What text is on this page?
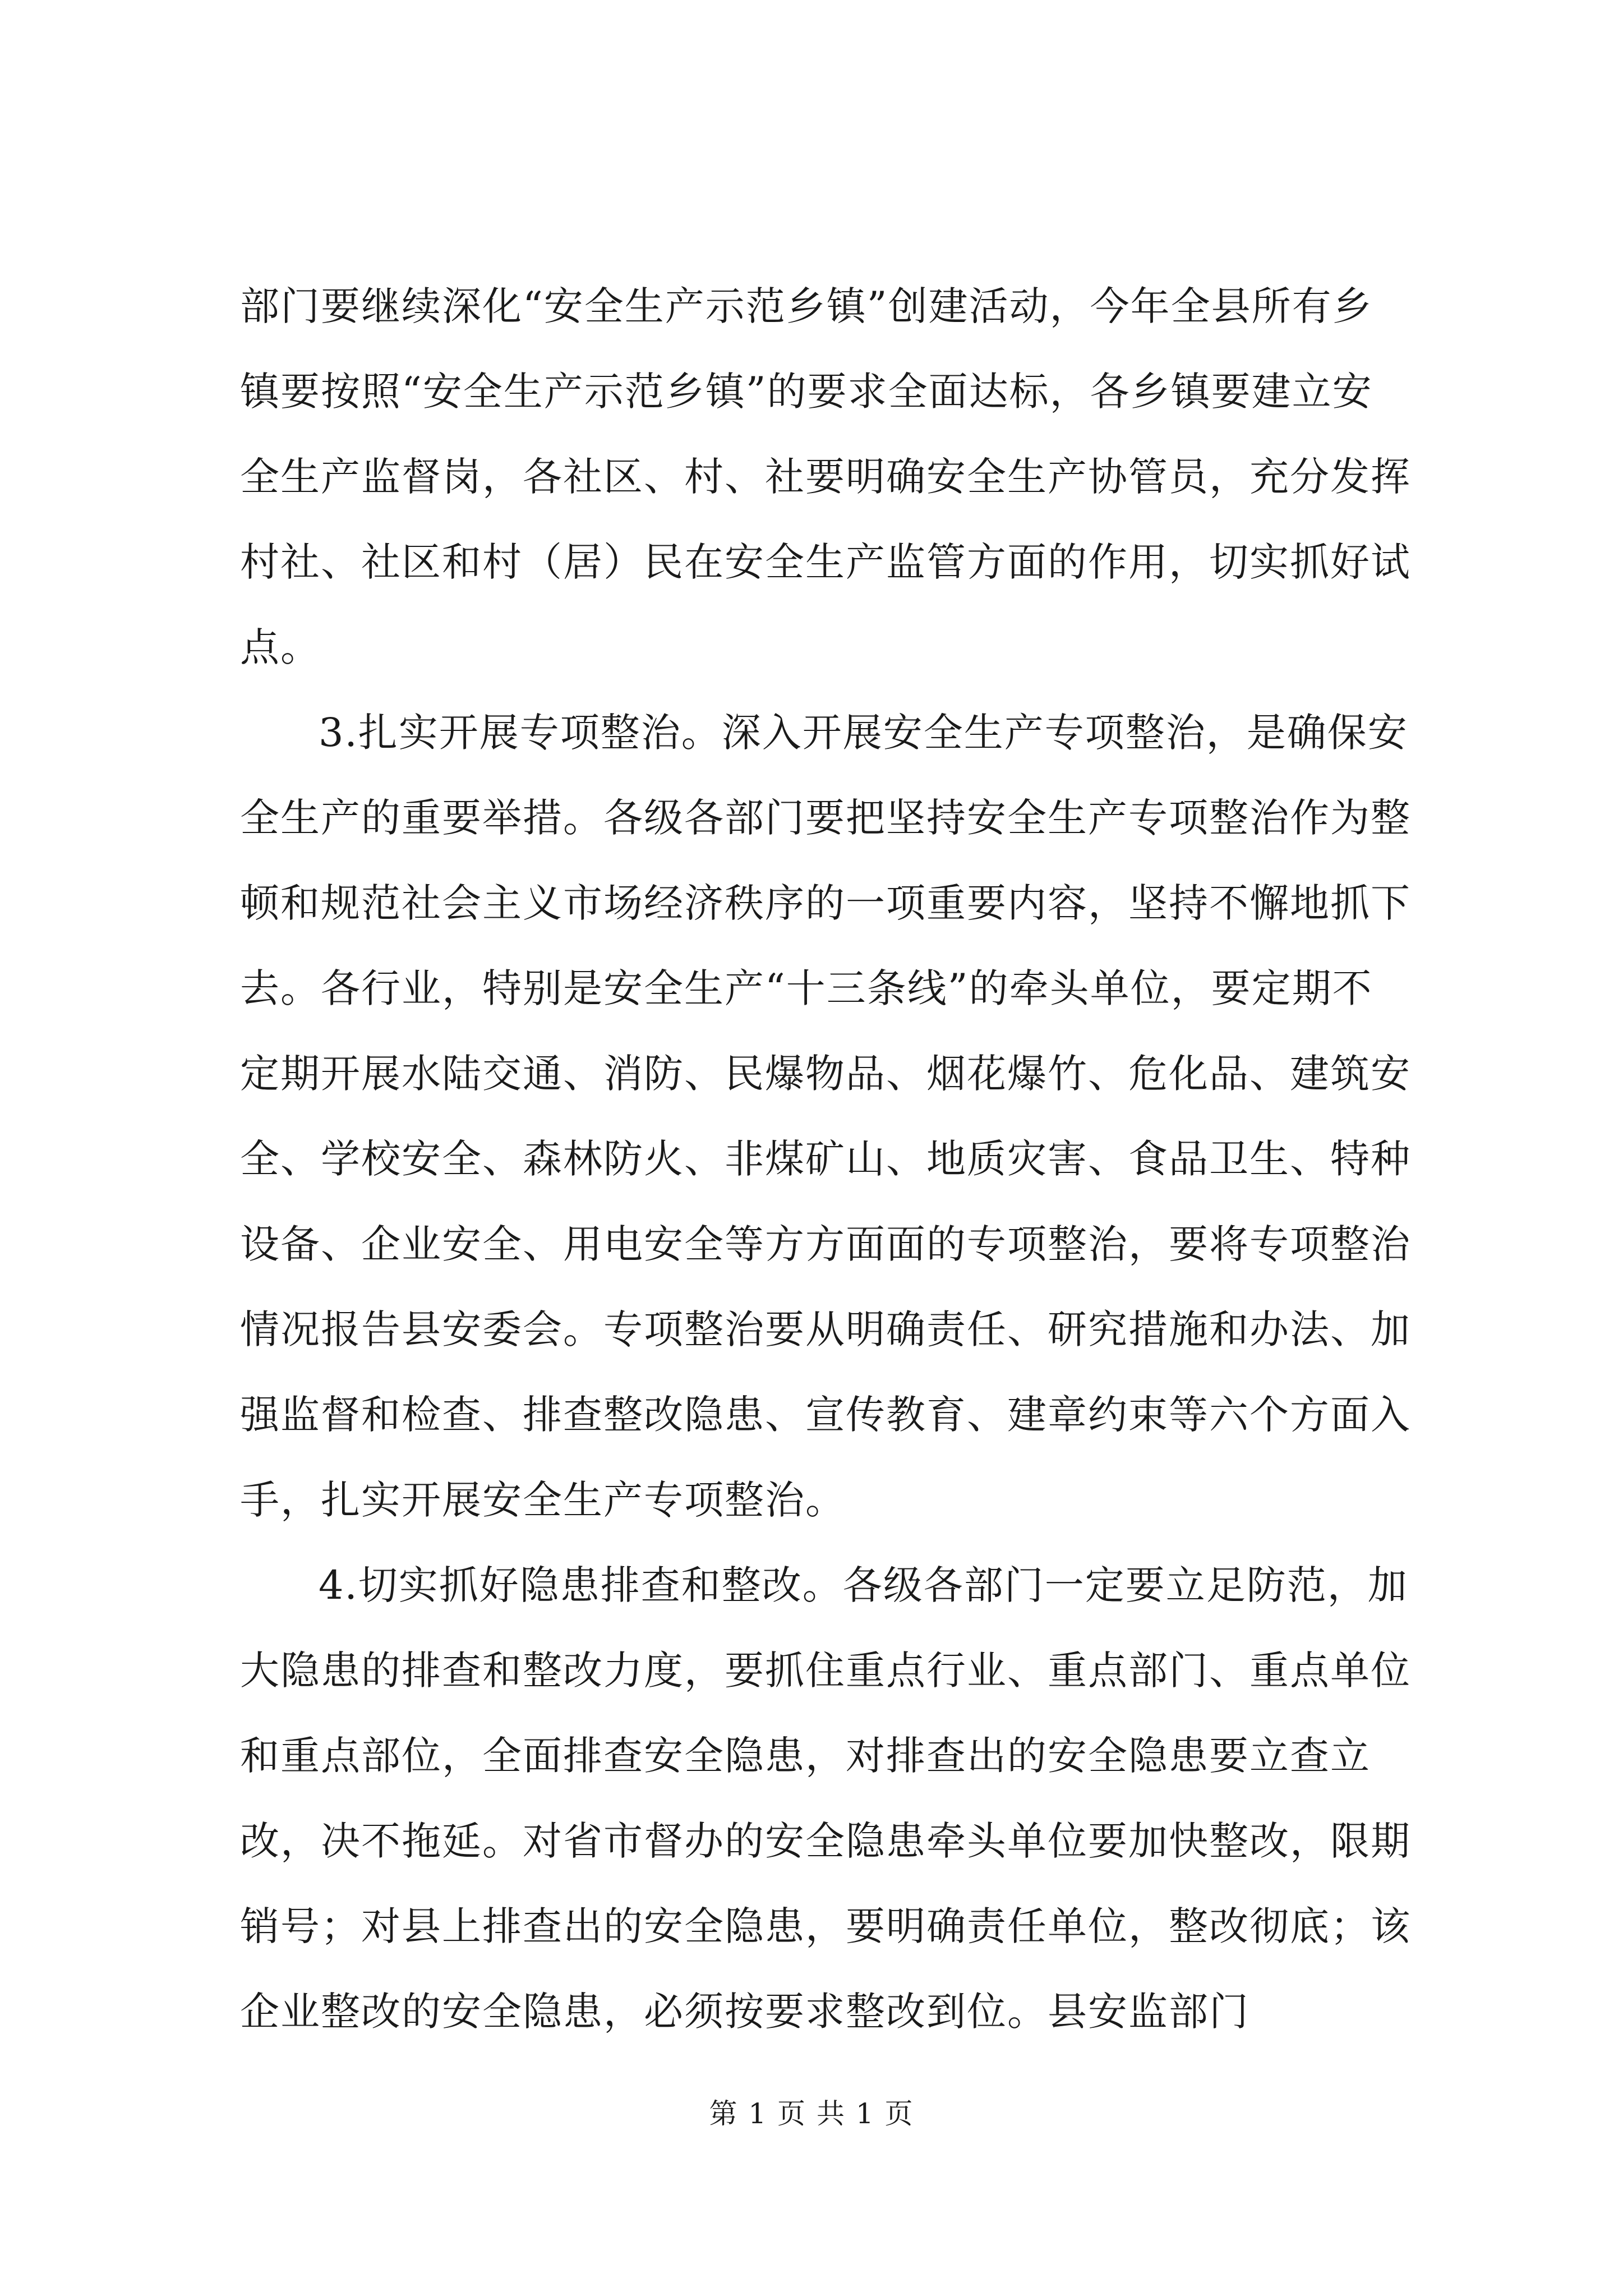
部门要继续深化“安全生产示范乡镇”创建活动，今年全县所有乡镇要按照“安全生产示范乡镇”的要求全面达标，各乡镇要建立安全生产监督岗，各社区、村、社要明确安全生产协管员，充分发挥村社、社区和村（居）民在安全生产监管方面的作用，切实抓好试点。

3.扎实开展专项整治。深入开展安全生产专项整治，是确保安全生产的重要举措。各级各部门要把坚持安全生产专项整治作为整顿和规范社会主义市场经济秩序的一项重要内容，坚持不懈地抓下去。各行业，特别是安全生产“十三条线”的牵头单位，要定期不定期开展水陆交通、消防、民爆物品、烟花爆竹、危化品、建筑安全、学校安全、森林防火、非煤矿山、地质灾害、食品卫生、特种设备、企业安全、用电安全等方方面面的专项整治，要将专项整治情况报告县安委会。专项整治要从明确责任、研究措施和办法、加强监督和检查、排查整改隐患、宣传教育、建章约束等六个方面入手，扎实开展安全生产专项整治。

4.切实抓好隐患排查和整改。各级各部门一定要立足防范，加大隐患的排查和整改力度，要抓住重点行业、重点部门、重点单位和重点部位，全面排查安全隐患，对排查出的安全隐患要立查立改，决不拖延。对省市督办的安全隐患牵头单位要加快整改，限期销号；对县上排查出的安全隐患，要明确责任单位，整改彻底；该企业整改的安全隐患，必须按要求整改到位。县安监部门

第 1 页 共 1 页
